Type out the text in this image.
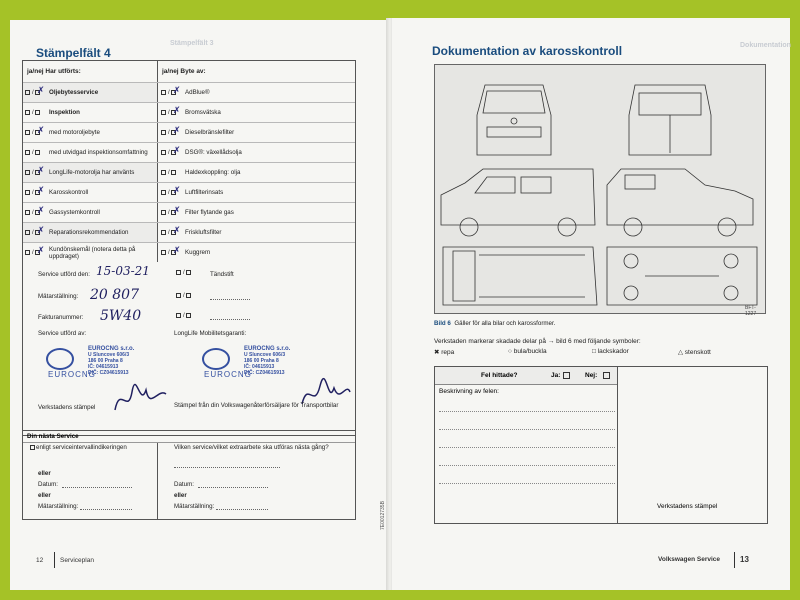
Stämpelfält 4
Stämpelfält 3
ja/nej Har utförts:	ja/nej Byte av:
/ ✗ Oljebytesservice	/ ✗ AdBlue®
/ Inspektion	/ ✗ Bromsvätska
/ ✗ med motoroljebyte	/ ✗ Dieselbränslefilter
/ med utvidgad inspektionsomfattning	/ ✗ DSG®: växellådsolja
/ ✗ LongLife-motorolja har använts	/ Haldexkoppling: olja
/ ✗ Karosskontroll	/ ✗ Luftfilterinsats
/ ✗ Gassystemkontroll	/ ✗ Filter flytande gas
/ ✗ Reparationsrekommendation	/ ✗ Friskluftsfilter
/ ✗ Kundönskemål (notera detta på uppdraget)	/ ✗ Kuggrem
Service utförd den: 15-03-21	/	Tändstift
Mätarställning: 20 807	/
Fakturanummer: 5W40	/
Service utförd av:	LongLife Mobilitetsgaranti:
EUROCNG s.r.o.
U Sluncove 606/3
186 00 Praha 8
IČ: 04615913
DIČ: CZ04615913
EUROCNG
EUROCNG s.r.o.
U Sluncove 606/3
186 00 Praha 8
IČ: 04615913
DIČ: CZ04615913
EUROCNG
Verkstadens stämpel	Stämpel från din Volkswagenåterförsäljare för Transportbilar
Din nästa Service
enligt serviceintervallindikeringen	Vilken service/vilket extraarbete ska utföras nästa gång?
eller
Datum:
eller
Mätarställning:
Datum:
eller
Mätarställning:	7E0012735B
12	Serviceplan
Dokumentation av karosskontroll	Dokumentation
BFT-1227
Bild 6 Gäller för alla bilar och karossformer.
Verkstaden markerar skadade delar på → bild 6 med följande symboler:
✖ repa	○ bula/buckla	□ lackskador	△ stenskott
Fel hittade?	Ja:	Nej:
Beskrivning av felen:
Verkstadens stämpel
Volkswagen Service 13
